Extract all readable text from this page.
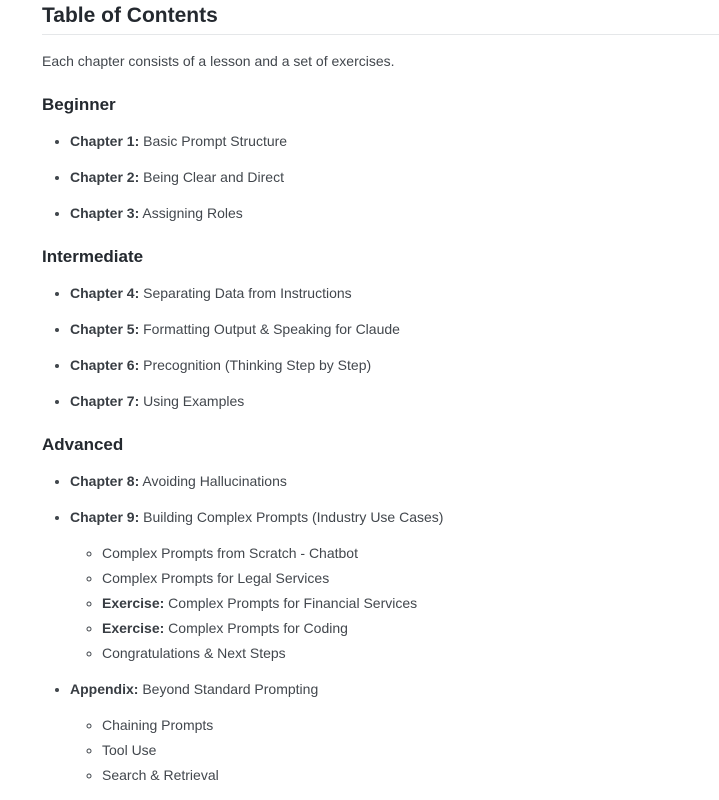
Table of Contents

Each chapter consists of a lesson and a set of exercises.

Beginner

• Chapter 1: Basic Prompt Structure

• Chapter 2: Being Clear and Direct

• Chapter 3: Assigning Roles

Intermediate

• Chapter 4: Separating Data from Instructions

• Chapter 5: Formatting Output & Speaking for Claude

• Chapter 6: Precognition (Thinking Step by Step)

• Chapter 7: Using Examples

Advanced

• Chapter 8: Avoiding Hallucinations

• Chapter 9: Building Complex Prompts (Industry Use Cases)

◦ Complex Prompts from Scratch - Chatbot
◦ Complex Prompts for Legal Services
◦ Exercise: Complex Prompts for Financial Services
◦ Exercise: Complex Prompts for Coding
◦ Congratulations & Next Steps

• Appendix: Beyond Standard Prompting

◦ Chaining Prompts
◦ Tool Use
◦ Search & Retrieval
